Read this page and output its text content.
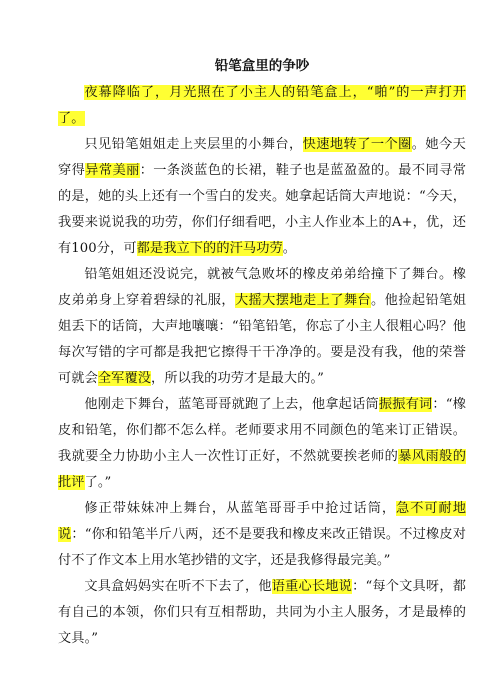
铅笔盒里的争吵

夜幕降临了，月光照在了小主人的铅笔盒上，“啪”的一声打开了。

只见铅笔姐姐走上夹层里的小舞台，快速地转了一个圈。她今天穿得异常美丽：一条淡蓝色的长裙，鞋子也是蓝盈盈的。最不同寻常的是，她的头上还有一个雪白的发夹。她拿起话筒大声地说：“今天，我要来说说我的功劳，你们仔细看吧，小主人作业本上的A+，优，还有100分，可都是我立下的的汗马功劳。

铅笔姐姐还没说完，就被气急败坏的橡皮弟弟给撞下了舞台。橡皮弟弟身上穿着碧绿的礼服，大摇大摆地走上了舞台。他捡起铅笔姐姐丢下的话筒，大声地嚷嚷：“铅笔铅笔，你忘了小主人很粗心吗？他每次写错的字可都是我把它擦得干干净净的。要是没有我，他的荣誉可就会全军覆没，所以我的功劳才是最大的。”

他刚走下舞台，蓝笔哥哥就跑了上去，他拿起话筒振振有词：“橡皮和铅笔，你们都不怎么样。老师要求用不同颜色的笔来订正错误。我就要全力协助小主人一次性订正好，不然就要挨老师的暴风雨般的批评了。”

修正带妹妹冲上舞台，从蓝笔哥哥手中抢过话筒，急不可耐地说：“你和铅笔半斤八两，还不是要我和橡皮来改正错误。不过橡皮对付不了作文本上用水笔抄错的文字，还是我修得最完美。”

文具盒妈妈实在听不下去了，他语重心长地说：“每个文具呀，都有自己的本领，你们只有互相帮助，共同为小主人服务，才是最棒的文具。”
